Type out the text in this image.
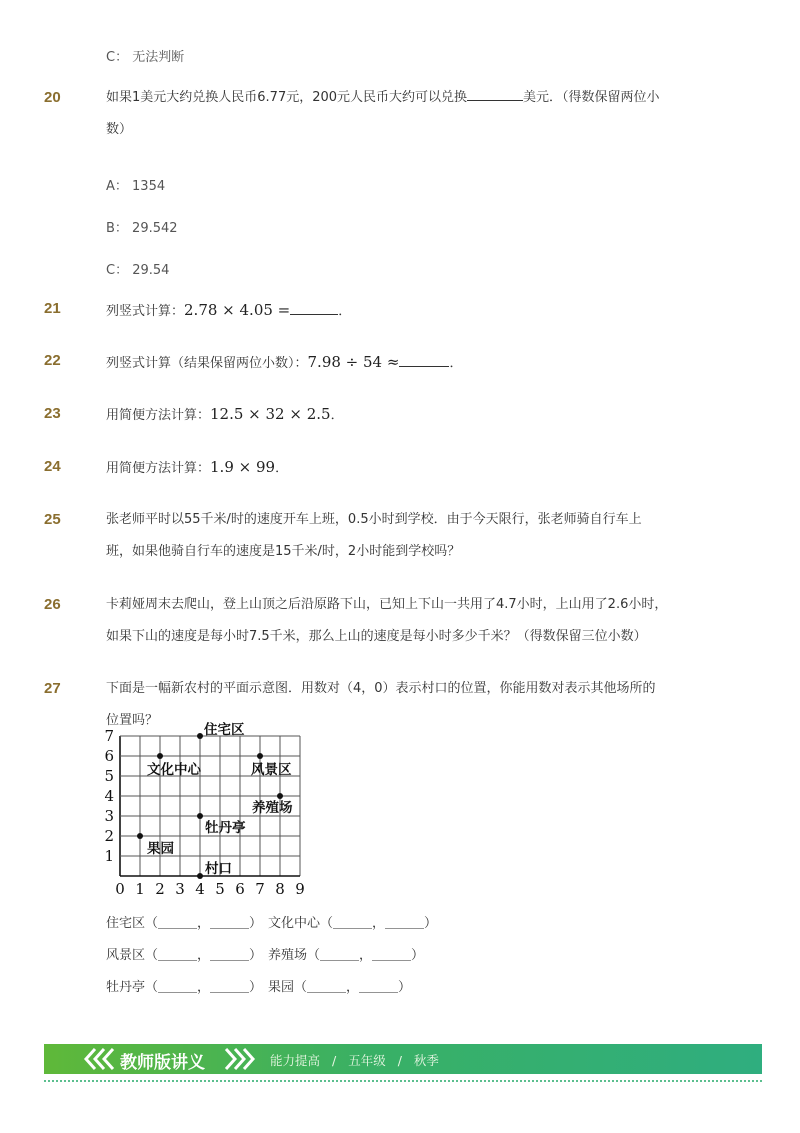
C： 无法判断
20	如果1美元大约兑换人民币6.77元，200元人民币大约可以兑换	美元．（得数保留两位小
数）
A： 1354
B： 29.542
C： 29.54
21	列竖式计算：2.78 × 4.05 =	．
22	列竖式计算（结果保留两位小数）：7.98 ÷ 54 ≈	．
23	用简便方法计算：12.5 × 32 × 2.5．
24	用简便方法计算：1.9 × 99．
25	张老师平时以55千米/时的速度开车上班，0.5小时到学校．由于今天限行，张老师骑自行车上
班，如果他骑自行车的速度是15千米/时，2小时能到学校吗？
26	卡莉娅周末去爬山，登上山顶之后沿原路下山，已知上下山一共用了4.7小时，上山用了2.6小时，
如果下山的速度是每小时7.5千米，那么上山的速度是每小时多少千米？（得数保留三位小数）
27	下面是一幅新农村的平面示意图．用数对（4，0）表示村口的位置，你能用数对表示其他场所的
位置吗？
0 1 2 3 4 5 6 7 8 9
1
2
3
4
5
6
7	住宅区
文化中心	风景区
养殖场
牡丹亭
果园
村口
住宅区（＿＿＿，＿＿＿） 文化中心（＿＿＿，＿＿＿）
风景区（＿＿＿，＿＿＿） 养殖场（＿＿＿，＿＿＿）
牡丹亭（＿＿＿，＿＿＿） 果园（＿＿＿，＿＿＿）
教师版讲义	能力提高 / 五年级 / 秋季
